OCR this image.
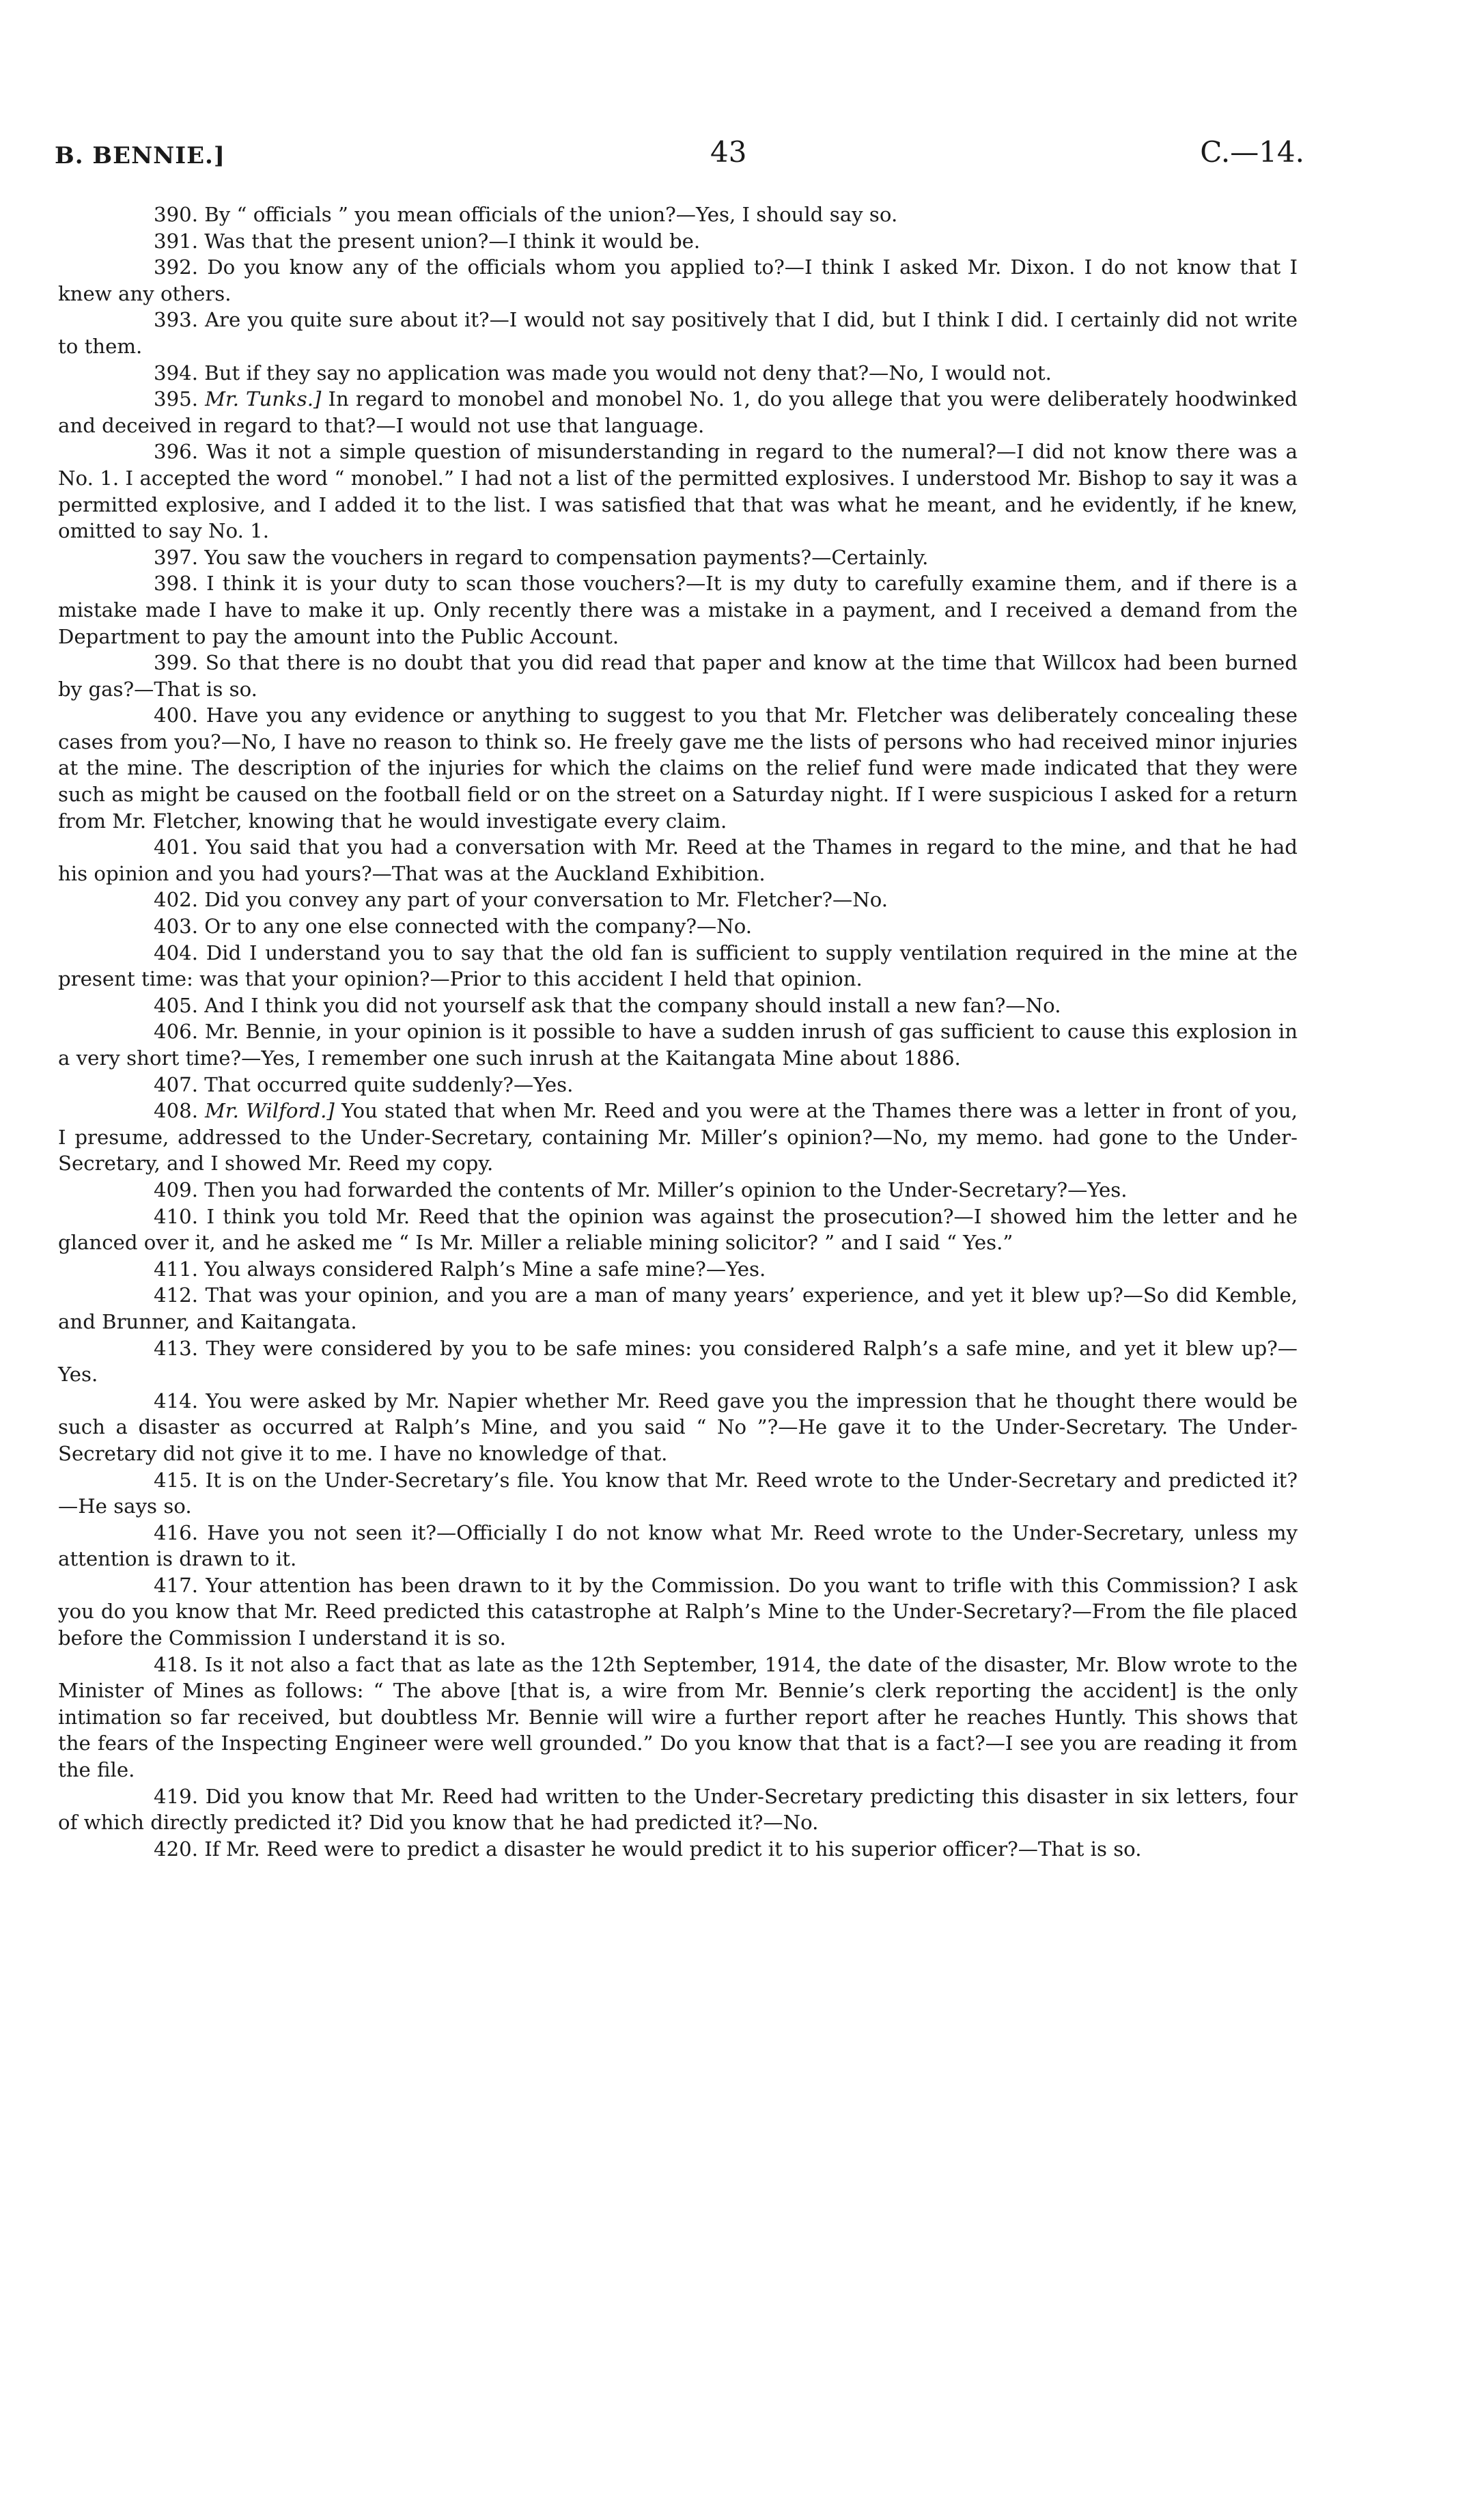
B. BENNIE.]	43	C.—14.

390. By “ officials ” you mean officials of the union?—Yes, I should say so.

391. Was that the present union?—I think it would be.

392. Do you know any of the officials whom you applied to?—I think I asked Mr. Dixon. I do not know that I knew any others.

393. Are you quite sure about it?—I would not say positively that I did, but I think I did. I certainly did not write to them.

394. But if they say no application was made you would not deny that?—No, I would not.

395. Mr. Tunks.] In regard to monobel and monobel No. 1, do you allege that you were deliberately hoodwinked and deceived in regard to that?—I would not use that language.

396. Was it not a simple question of misunderstanding in regard to the numeral?—I did not know there was a No. 1. I accepted the word “ monobel.” I had not a list of the permitted explosives. I understood Mr. Bishop to say it was a permitted explosive, and I added it to the list. I was satisfied that that was what he meant, and he evidently, if he knew, omitted to say No. 1.

397. You saw the vouchers in regard to compensation payments?—Certainly.

398. I think it is your duty to scan those vouchers?—It is my duty to carefully examine them, and if there is a mistake made I have to make it up. Only recently there was a mistake in a payment, and I received a demand from the Department to pay the amount into the Public Account.

399. So that there is no doubt that you did read that paper and know at the time that Willcox had been burned by gas?—That is so.

400. Have you any evidence or anything to suggest to you that Mr. Fletcher was deliberately concealing these cases from you?—No, I have no reason to think so. He freely gave me the lists of persons who had received minor injuries at the mine. The description of the injuries for which the claims on the relief fund were made indicated that they were such as might be caused on the football field or on the street on a Saturday night. If I were suspicious I asked for a return from Mr. Fletcher, knowing that he would investigate every claim.

401. You said that you had a conversation with Mr. Reed at the Thames in regard to the mine, and that he had his opinion and you had yours?—That was at the Auckland Exhibition.

402. Did you convey any part of your conversation to Mr. Fletcher?—No.

403. Or to any one else connected with the company?—No.

404. Did I understand you to say that the old fan is sufficient to supply ventilation required in the mine at the present time: was that your opinion?—Prior to this accident I held that opinion.

405. And I think you did not yourself ask that the company should install a new fan?—No.

406. Mr. Bennie, in your opinion is it possible to have a sudden inrush of gas sufficient to cause this explosion in a very short time?—Yes, I remember one such inrush at the Kaitangata Mine about 1886.

407. That occurred quite suddenly?—Yes.

408. Mr. Wilford.] You stated that when Mr. Reed and you were at the Thames there was a letter in front of you, I presume, addressed to the Under-Secretary, containing Mr. Miller’s opinion?—No, my memo. had gone to the Under-Secretary, and I showed Mr. Reed my copy.

409. Then you had forwarded the contents of Mr. Miller’s opinion to the Under-Secretary?—Yes.

410. I think you told Mr. Reed that the opinion was against the prosecution?—I showed him the letter and he glanced over it, and he asked me “ Is Mr. Miller a reliable mining solicitor? ” and I said “ Yes.”

411. You always considered Ralph’s Mine a safe mine?—Yes.

412. That was your opinion, and you are a man of many years’ experience, and yet it blew up?—So did Kemble, and Brunner, and Kaitangata.

413. They were considered by you to be safe mines: you considered Ralph’s a safe mine, and yet it blew up?—Yes.

414. You were asked by Mr. Napier whether Mr. Reed gave you the impression that he thought there would be such a disaster as occurred at Ralph’s Mine, and you said “ No ”?—He gave it to the Under-Secretary. The Under-Secretary did not give it to me. I have no knowledge of that.

415. It is on the Under-Secretary’s file. You know that Mr. Reed wrote to the Under-Secretary and predicted it?—He says so.

416. Have you not seen it?—Officially I do not know what Mr. Reed wrote to the Under-Secretary, unless my attention is drawn to it.

417. Your attention has been drawn to it by the Commission. Do you want to trifle with this Commission? I ask you do you know that Mr. Reed predicted this catastrophe at Ralph’s Mine to the Under-Secretary?—From the file placed before the Commission I understand it is so.

418. Is it not also a fact that as late as the 12th September, 1914, the date of the disaster, Mr. Blow wrote to the Minister of Mines as follows: “ The above [that is, a wire from Mr. Bennie’s clerk reporting the accident] is the only intimation so far received, but doubtless Mr. Bennie will wire a further report after he reaches Huntly. This shows that the fears of the Inspecting Engineer were well grounded.” Do you know that that is a fact?—I see you are reading it from the file.

419. Did you know that Mr. Reed had written to the Under-Secretary predicting this disaster in six letters, four of which directly predicted it? Did you know that he had predicted it?—No.

420. If Mr. Reed were to predict a disaster he would predict it to his superior officer?—That is so.
